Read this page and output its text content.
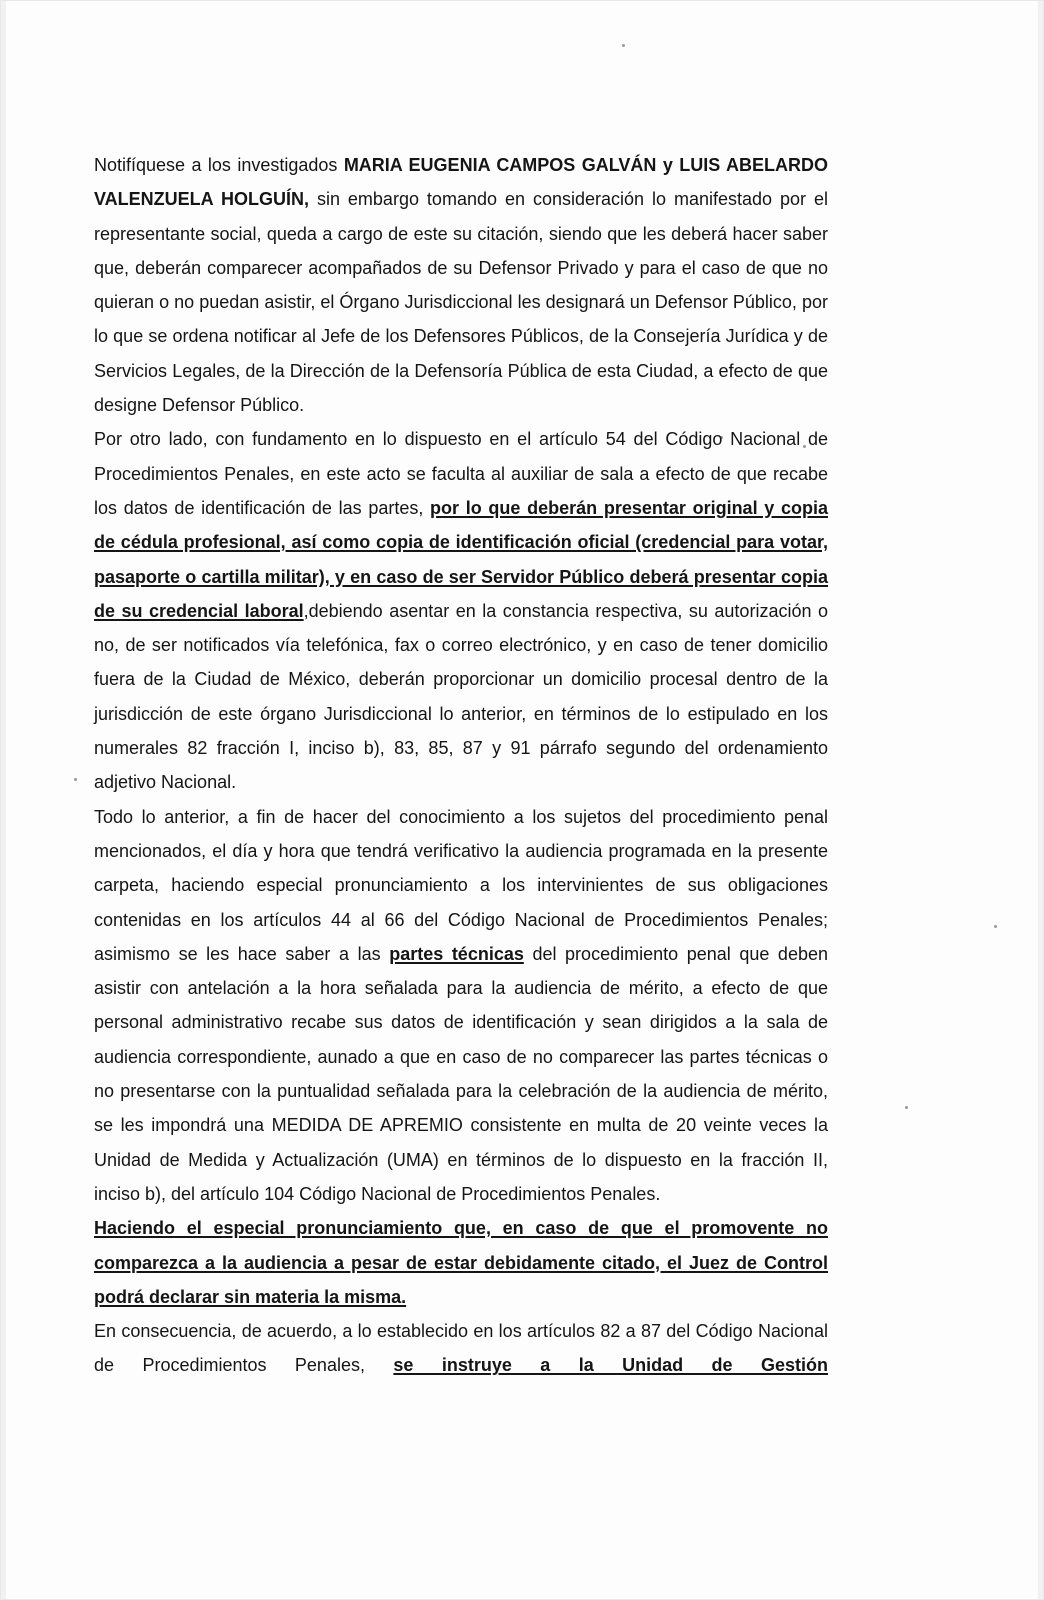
Notifíquese a los investigados MARIA EUGENIA CAMPOS GALVÁN y LUIS ABELARDO VALENZUELA HOLGUÍN, sin embargo tomando en consideración lo manifestado por el representante social, queda a cargo de este su citación, siendo que les deberá hacer saber que, deberán comparecer acompañados de su Defensor Privado y para el caso de que no quieran o no puedan asistir, el Órgano Jurisdiccional les designará un Defensor Público, por lo que se ordena notificar al Jefe de los Defensores Públicos, de la Consejería Jurídica y de Servicios Legales, de la Dirección de la Defensoría Pública de esta Ciudad, a efecto de que designe Defensor Público.

Por otro lado, con fundamento en lo dispuesto en el artículo 54 del Código Nacional de Procedimientos Penales, en este acto se faculta al auxiliar de sala a efecto de que recabe los datos de identificación de las partes, por lo que deberán presentar original y copia de cédula profesional, así como copia de identificación oficial (credencial para votar, pasaporte o cartilla militar), y en caso de ser Servidor Público deberá presentar copia de su credencial laboral,debiendo asentar en la constancia respectiva, su autorización o no, de ser notificados vía telefónica, fax o correo electrónico, y en caso de tener domicilio fuera de la Ciudad de México, deberán proporcionar un domicilio procesal dentro de la jurisdicción de este órgano Jurisdiccional lo anterior, en términos de lo estipulado en los numerales 82 fracción I, inciso b), 83, 85, 87 y 91 párrafo segundo del ordenamiento adjetivo Nacional.

Todo lo anterior, a fin de hacer del conocimiento a los sujetos del procedimiento penal mencionados, el día y hora que tendrá verificativo la audiencia programada en la presente carpeta, haciendo especial pronunciamiento a los intervinientes de sus obligaciones contenidas en los artículos 44 al 66 del Código Nacional de Procedimientos Penales; asimismo se les hace saber a las partes técnicas del procedimiento penal que deben asistir con antelación a la hora señalada para la audiencia de mérito, a efecto de que personal administrativo recabe sus datos de identificación y sean dirigidos a la sala de audiencia correspondiente, aunado a que en caso de no comparecer las partes técnicas o no presentarse con la puntualidad señalada para la celebración de la audiencia de mérito, se les impondrá una MEDIDA DE APREMIO consistente en multa de 20 veinte veces la Unidad de Medida y Actualización (UMA) en términos de lo dispuesto en la fracción II, inciso b), del artículo 104 Código Nacional de Procedimientos Penales.

Haciendo el especial pronunciamiento que, en caso de que el promovente no comparezca a la audiencia a pesar de estar debidamente citado, el Juez de Control podrá declarar sin materia la misma.

En consecuencia, de acuerdo, a lo establecido en los artículos 82 a 87 del Código Nacional de Procedimientos Penales, se instruye a la Unidad de Gestión
